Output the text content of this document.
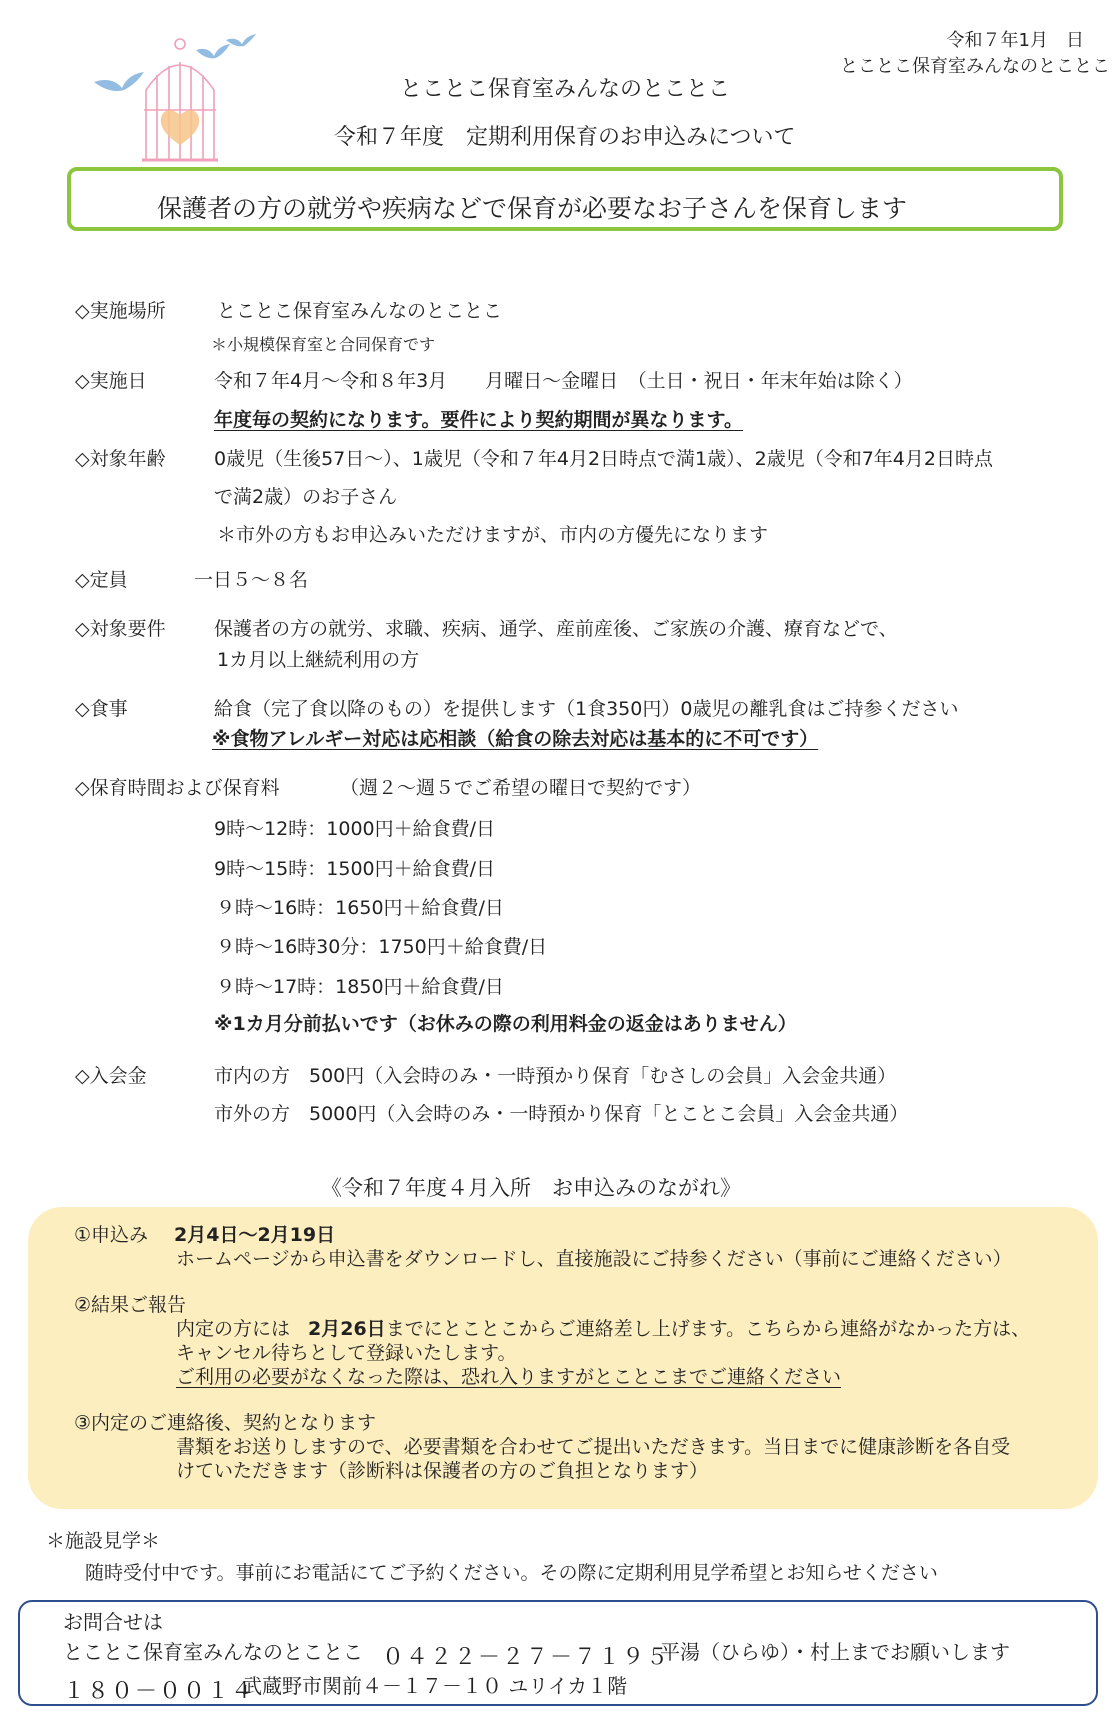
令和７年1月　日
とことこ保育室みんなのとことこ
とことこ保育室みんなのとことこ
令和７年度　定期利用保育のお申込みについて
保護者の方の就労や疾病などで保育が必要なお子さんを保育します
◇実施場所	とことこ保育室みんなのとことこ
＊小規模保育室と合同保育です
◇実施日	令和７年4月～令和８年3月　　月曜日～金曜日　（土日・祝日・年末年始は除く）
年度毎の契約になります。要件により契約期間が異なります。
◇対象年齢	0歳児（生後57日～）、1歳児（令和７年4月2日時点で満1歳）、2歳児（令和7年4月2日時点
で満2歳）のお子さん
＊市外の方もお申込みいただけますが、市内の方優先になります
◇定員	一日５～８名
◇対象要件	保護者の方の就労、求職、疾病、通学、産前産後、ご家族の介護、療育などで、
1カ月以上継続利用の方
◇食事	給食（完了食以降のもの）を提供します（1食350円）0歳児の離乳食はご持参ください
※食物アレルギー対応は応相談（給食の除去対応は基本的に不可です）
◇保育時間および保育料	（週２～週５でご希望の曜日で契約です）
9時～12時：1000円＋給食費/日
9時～15時：1500円＋給食費/日
９時～16時：1650円＋給食費/日
９時～16時30分：1750円＋給食費/日
９時～17時：1850円＋給食費/日
※1カ月分前払いです（お休みの際の利用料金の返金はありません）
◇入会金	市内の方　500円（入会時のみ・一時預かり保育「むさしの会員」入会金共通）
市外の方　5000円（入会時のみ・一時預かり保育「とことこ会員」入会金共通）
《令和７年度４月入所　お申込みのながれ》
①申込み 2月4日～2月19日
ホームページから申込書をダウンロードし、直接施設にご持参ください（事前にご連絡ください）
②結果ご報告
内定の方には 2月26日までにとことこからご連絡差し上げます。こちらから連絡がなかった方は、
キャンセル待ちとして登録いたします。
ご利用の必要がなくなった際は、恐れ入りますがとことこまでご連絡ください
③内定のご連絡後、契約となります
書類をお送りしますので、必要書類を合わせてご提出いただきます。当日までに健康診断を各自受
けていただきます（診断料は保護者の方のご負担となります）
＊施設見学＊
随時受付中です。事前にお電話にてご予約ください。その際に定期利用見学希望とお知らせください
お問合せは
とことこ保育室みんなのとことこ ０４２２－２７－７１９５
平湯（ひらゆ）・村上までお願いします
１８０－００１４
武蔵野市関前４－１７－１０ ユリイカ１階
